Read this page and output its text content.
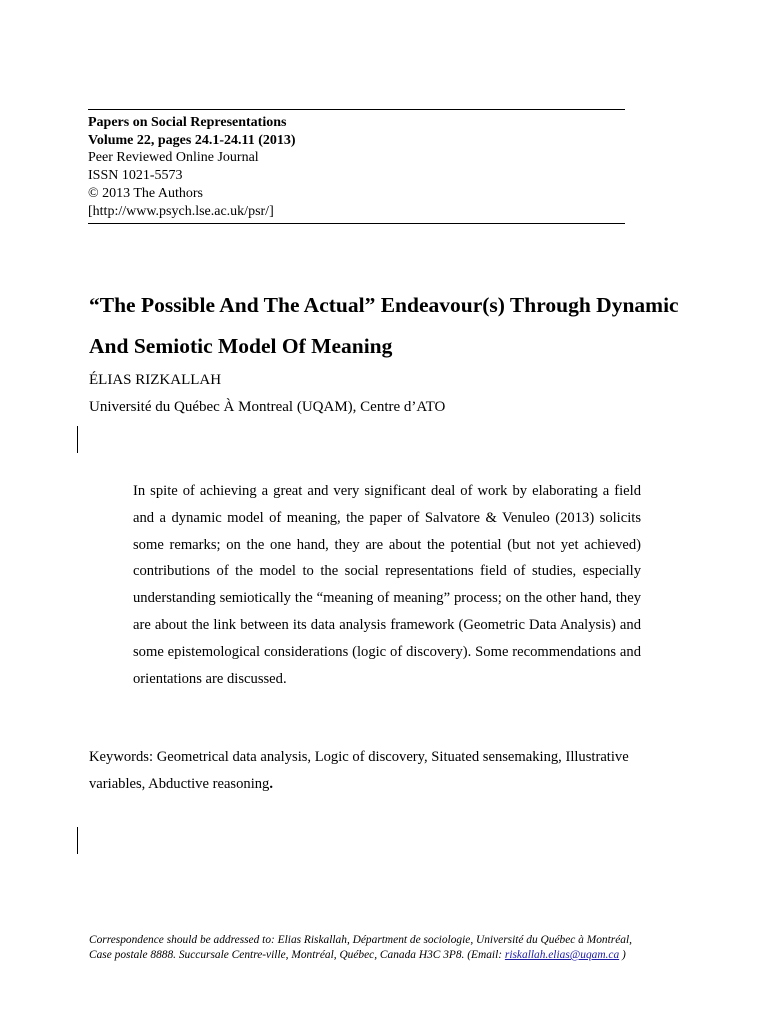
Papers on Social Representations
Volume 22, pages 24.1-24.11 (2013)
Peer Reviewed Online Journal
ISSN 1021-5573
© 2013 The Authors
[http://www.psych.lse.ac.uk/psr/]
“The Possible And The Actual” Endeavour(s) Through Dynamic And Semiotic Model Of Meaning
ÉLIAS RIZKALLAH
Université du Québec À Montreal (UQAM), Centre d’ATO

In spite of achieving a great and very significant deal of work by elaborating a field and a dynamic model of meaning, the paper of Salvatore & Venuleo (2013) solicits some remarks; on the one hand, they are about the potential (but not yet achieved) contributions of the model to the social representations field of studies, especially understanding semiotically the “meaning of meaning” process; on the other hand, they are about the link between its data analysis framework (Geometric Data Analysis) and some epistemological considerations (logic of discovery). Some recommendations and orientations are discussed.

Keywords: Geometrical data analysis, Logic of discovery, Situated sensemaking, Illustrative variables, Abductive reasoning.

Correspondence should be addressed to: Elias Riskallah, Départment de sociologie, Université du Québec à Montréal, Case postale 8888. Succursale Centre-ville, Montréal, Québec, Canada H3C 3P8. (Email: riskallah.elias@uqam.ca )
